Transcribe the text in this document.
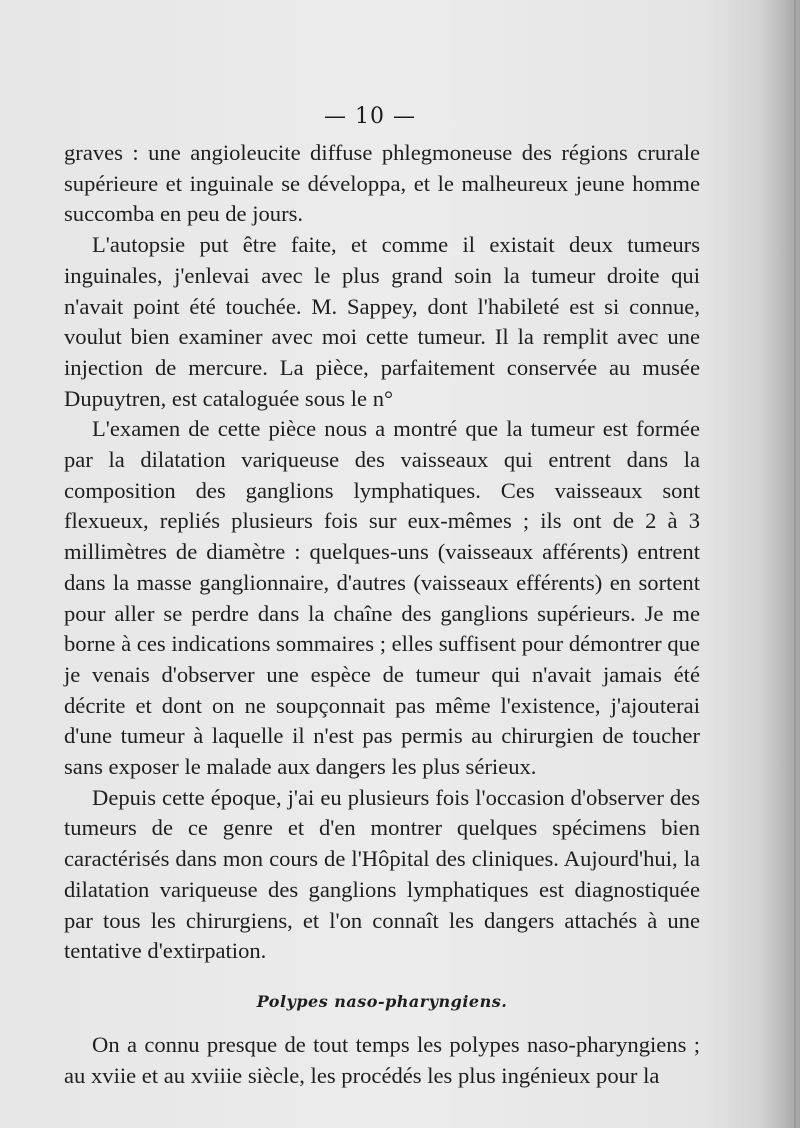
— 10 —

graves : une angioleucite diffuse phlegmoneuse des régions crurale supérieure et inguinale se développa, et le malheureux jeune homme succomba en peu de jours.

L'autopsie put être faite, et comme il existait deux tumeurs inguinales, j'enlevai avec le plus grand soin la tumeur droite qui n'avait point été touchée. M. Sappey, dont l'habileté est si connue, voulut bien examiner avec moi cette tumeur. Il la remplit avec une injection de mercure. La pièce, parfaitement conservée au musée Dupuytren, est cataloguée sous le n°

L'examen de cette pièce nous a montré que la tumeur est formée par la dilatation variqueuse des vaisseaux qui entrent dans la composition des ganglions lymphatiques. Ces vaisseaux sont flexueux, repliés plusieurs fois sur eux-mêmes ; ils ont de 2 à 3 millimètres de diamètre : quelques-uns (vaisseaux afférents) entrent dans la masse ganglionnaire, d'autres (vaisseaux efférents) en sortent pour aller se perdre dans la chaîne des ganglions supérieurs. Je me borne à ces indications sommaires ; elles suffisent pour démontrer que je venais d'observer une espèce de tumeur qui n'avait jamais été décrite et dont on ne soupçonnait pas même l'existence, j'ajouterai d'une tumeur à laquelle il n'est pas permis au chirurgien de toucher sans exposer le malade aux dangers les plus sérieux.

Depuis cette époque, j'ai eu plusieurs fois l'occasion d'observer des tumeurs de ce genre et d'en montrer quelques spécimens bien caractérisés dans mon cours de l'Hôpital des cliniques. Aujourd'hui, la dilatation variqueuse des ganglions lymphatiques est diagnostiquée par tous les chirurgiens, et l'on connaît les dangers attachés à une tentative d'extirpation.

Polypes naso-pharyngiens.

On a connu presque de tout temps les polypes naso-pharyngiens ; au xviie et au xviiie siècle, les procédés les plus ingénieux pour la
